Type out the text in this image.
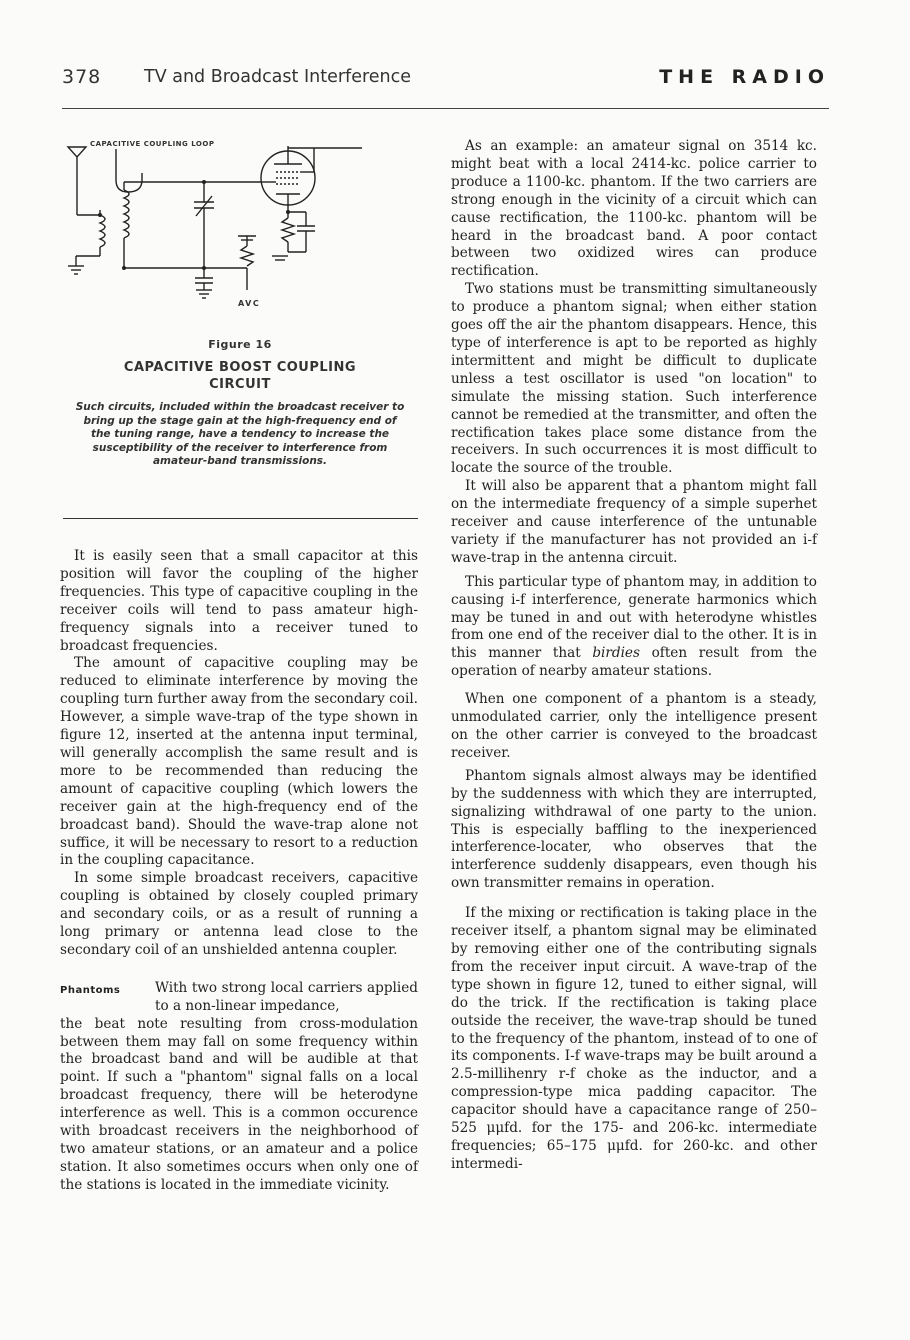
378 TV and Broadcast Interference	THE RADIO
CAPACITIVE COUPLING LOOP
AVC
Figure 16
CAPACITIVE BOOST COUPLING CIRCUIT
Such circuits, included within the broadcast receiver to bring up the stage gain at the high-frequency end of the tuning range, have a tendency to increase the susceptibility of the receiver to interference from amateur-band transmissions.

It is easily seen that a small capacitor at this position will favor the coupling of the higher frequencies. This type of capacitive coupling in the receiver coils will tend to pass amateur high-frequency signals into a receiver tuned to broadcast frequencies.

The amount of capacitive coupling may be reduced to eliminate interference by moving the coupling turn further away from the secondary coil. However, a simple wave-trap of the type shown in figure 12, inserted at the antenna input terminal, will generally accomplish the same result and is more to be recommended than reducing the amount of capacitive coupling (which lowers the receiver gain at the high-frequency end of the broadcast band). Should the wave-trap alone not suffice, it will be necessary to resort to a reduction in the coupling capacitance.

In some simple broadcast receivers, capacitive coupling is obtained by closely coupled primary and secondary coils, or as a result of running a long primary or antenna lead close to the secondary coil of an unshielded antenna coupler.

Phantoms	With two strong local carriers applied to a non-linear impedance,
the beat note resulting from cross-modulation between them may fall on some frequency within the broadcast band and will be audible at that point. If such a "phantom" signal falls on a local broadcast frequency, there will be heterodyne interference as well. This is a common occurence with broadcast receivers in the neighborhood of two amateur stations, or an amateur and a police station. It also sometimes occurs when only one of the stations is located in the immediate vicinity.

As an example: an amateur signal on 3514 kc. might beat with a local 2414-kc. police carrier to produce a 1100-kc. phantom. If the two carriers are strong enough in the vicinity of a circuit which can cause rectification, the 1100-kc. phantom will be heard in the broadcast band. A poor contact between two oxidized wires can produce rectification.

Two stations must be transmitting simultaneously to produce a phantom signal; when either station goes off the air the phantom disappears. Hence, this type of interference is apt to be reported as highly intermittent and might be difficult to duplicate unless a test oscillator is used "on location" to simulate the missing station. Such interference cannot be remedied at the transmitter, and often the rectification takes place some distance from the receivers. In such occurrences it is most difficult to locate the source of the trouble.

It will also be apparent that a phantom might fall on the intermediate frequency of a simple superhet receiver and cause interference of the untunable variety if the manufacturer has not provided an i-f wave-trap in the antenna circuit.

This particular type of phantom may, in addition to causing i-f interference, generate harmonics which may be tuned in and out with heterodyne whistles from one end of the receiver dial to the other. It is in this manner that birdies often result from the operation of nearby amateur stations.

When one component of a phantom is a steady, unmodulated carrier, only the intelligence present on the other carrier is conveyed to the broadcast receiver.

Phantom signals almost always may be identified by the suddenness with which they are interrupted, signalizing withdrawal of one party to the union. This is especially baffling to the inexperienced interference-locater, who observes that the interference suddenly disappears, even though his own transmitter remains in operation.

If the mixing or rectification is taking place in the receiver itself, a phantom signal may be eliminated by removing either one of the contributing signals from the receiver input circuit. A wave-trap of the type shown in figure 12, tuned to either signal, will do the trick. If the rectification is taking place outside the receiver, the wave-trap should be tuned to the frequency of the phantom, instead of to one of its components. I-f wave-traps may be built around a 2.5-millihenry r-f choke as the inductor, and a compression-type mica padding capacitor. The capacitor should have a capacitance range of 250–525 μμfd. for the 175- and 206-kc. intermediate frequencies; 65–175 μμfd. for 260-kc. and other intermedi-
